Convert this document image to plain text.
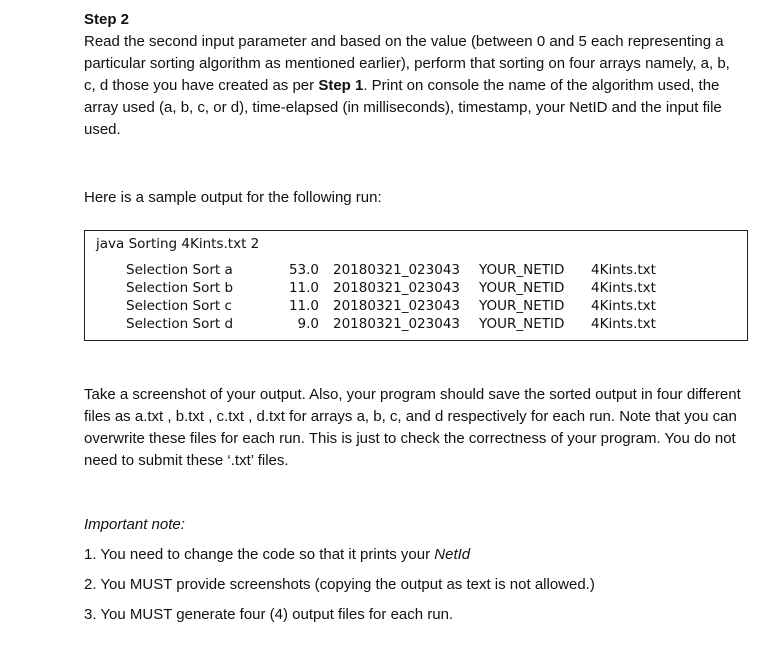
Step 2

Read the second input parameter and based on the value (between 0 and 5 each representing a particular sorting algorithm as mentioned earlier), perform that sorting on four arrays namely, a, b, c, d those you have created as per Step 1. Print on console the name of the algorithm used, the array used (a, b, c, or d), time-elapsed (in milliseconds), timestamp, your NetID and the input file used.

Here is a sample output for the following run:
java Sorting 4Kints.txt 2
Selection Sort a	53.0	20180321_023043	YOUR_NETID	4Kints.txt
Selection Sort b	11.0	20180321_023043	YOUR_NETID	4Kints.txt
Selection Sort c	11.0	20180321_023043	YOUR_NETID	4Kints.txt
Selection Sort d	9.0	20180321_023043	YOUR_NETID	4Kints.txt
Take a screenshot of your output. Also, your program should save the sorted output in four different files as a.txt , b.txt , c.txt , d.txt for arrays a, b, c, and d respectively for each run. Note that you can overwrite these files for each run. This is just to check the correctness of your program. You do not need to submit these ‘.txt’ files.
Important note:
1. You need to change the code so that it prints your NetId
2. You MUST provide screenshots (copying the output as text is not allowed.)
3. You MUST generate four (4) output files for each run.
